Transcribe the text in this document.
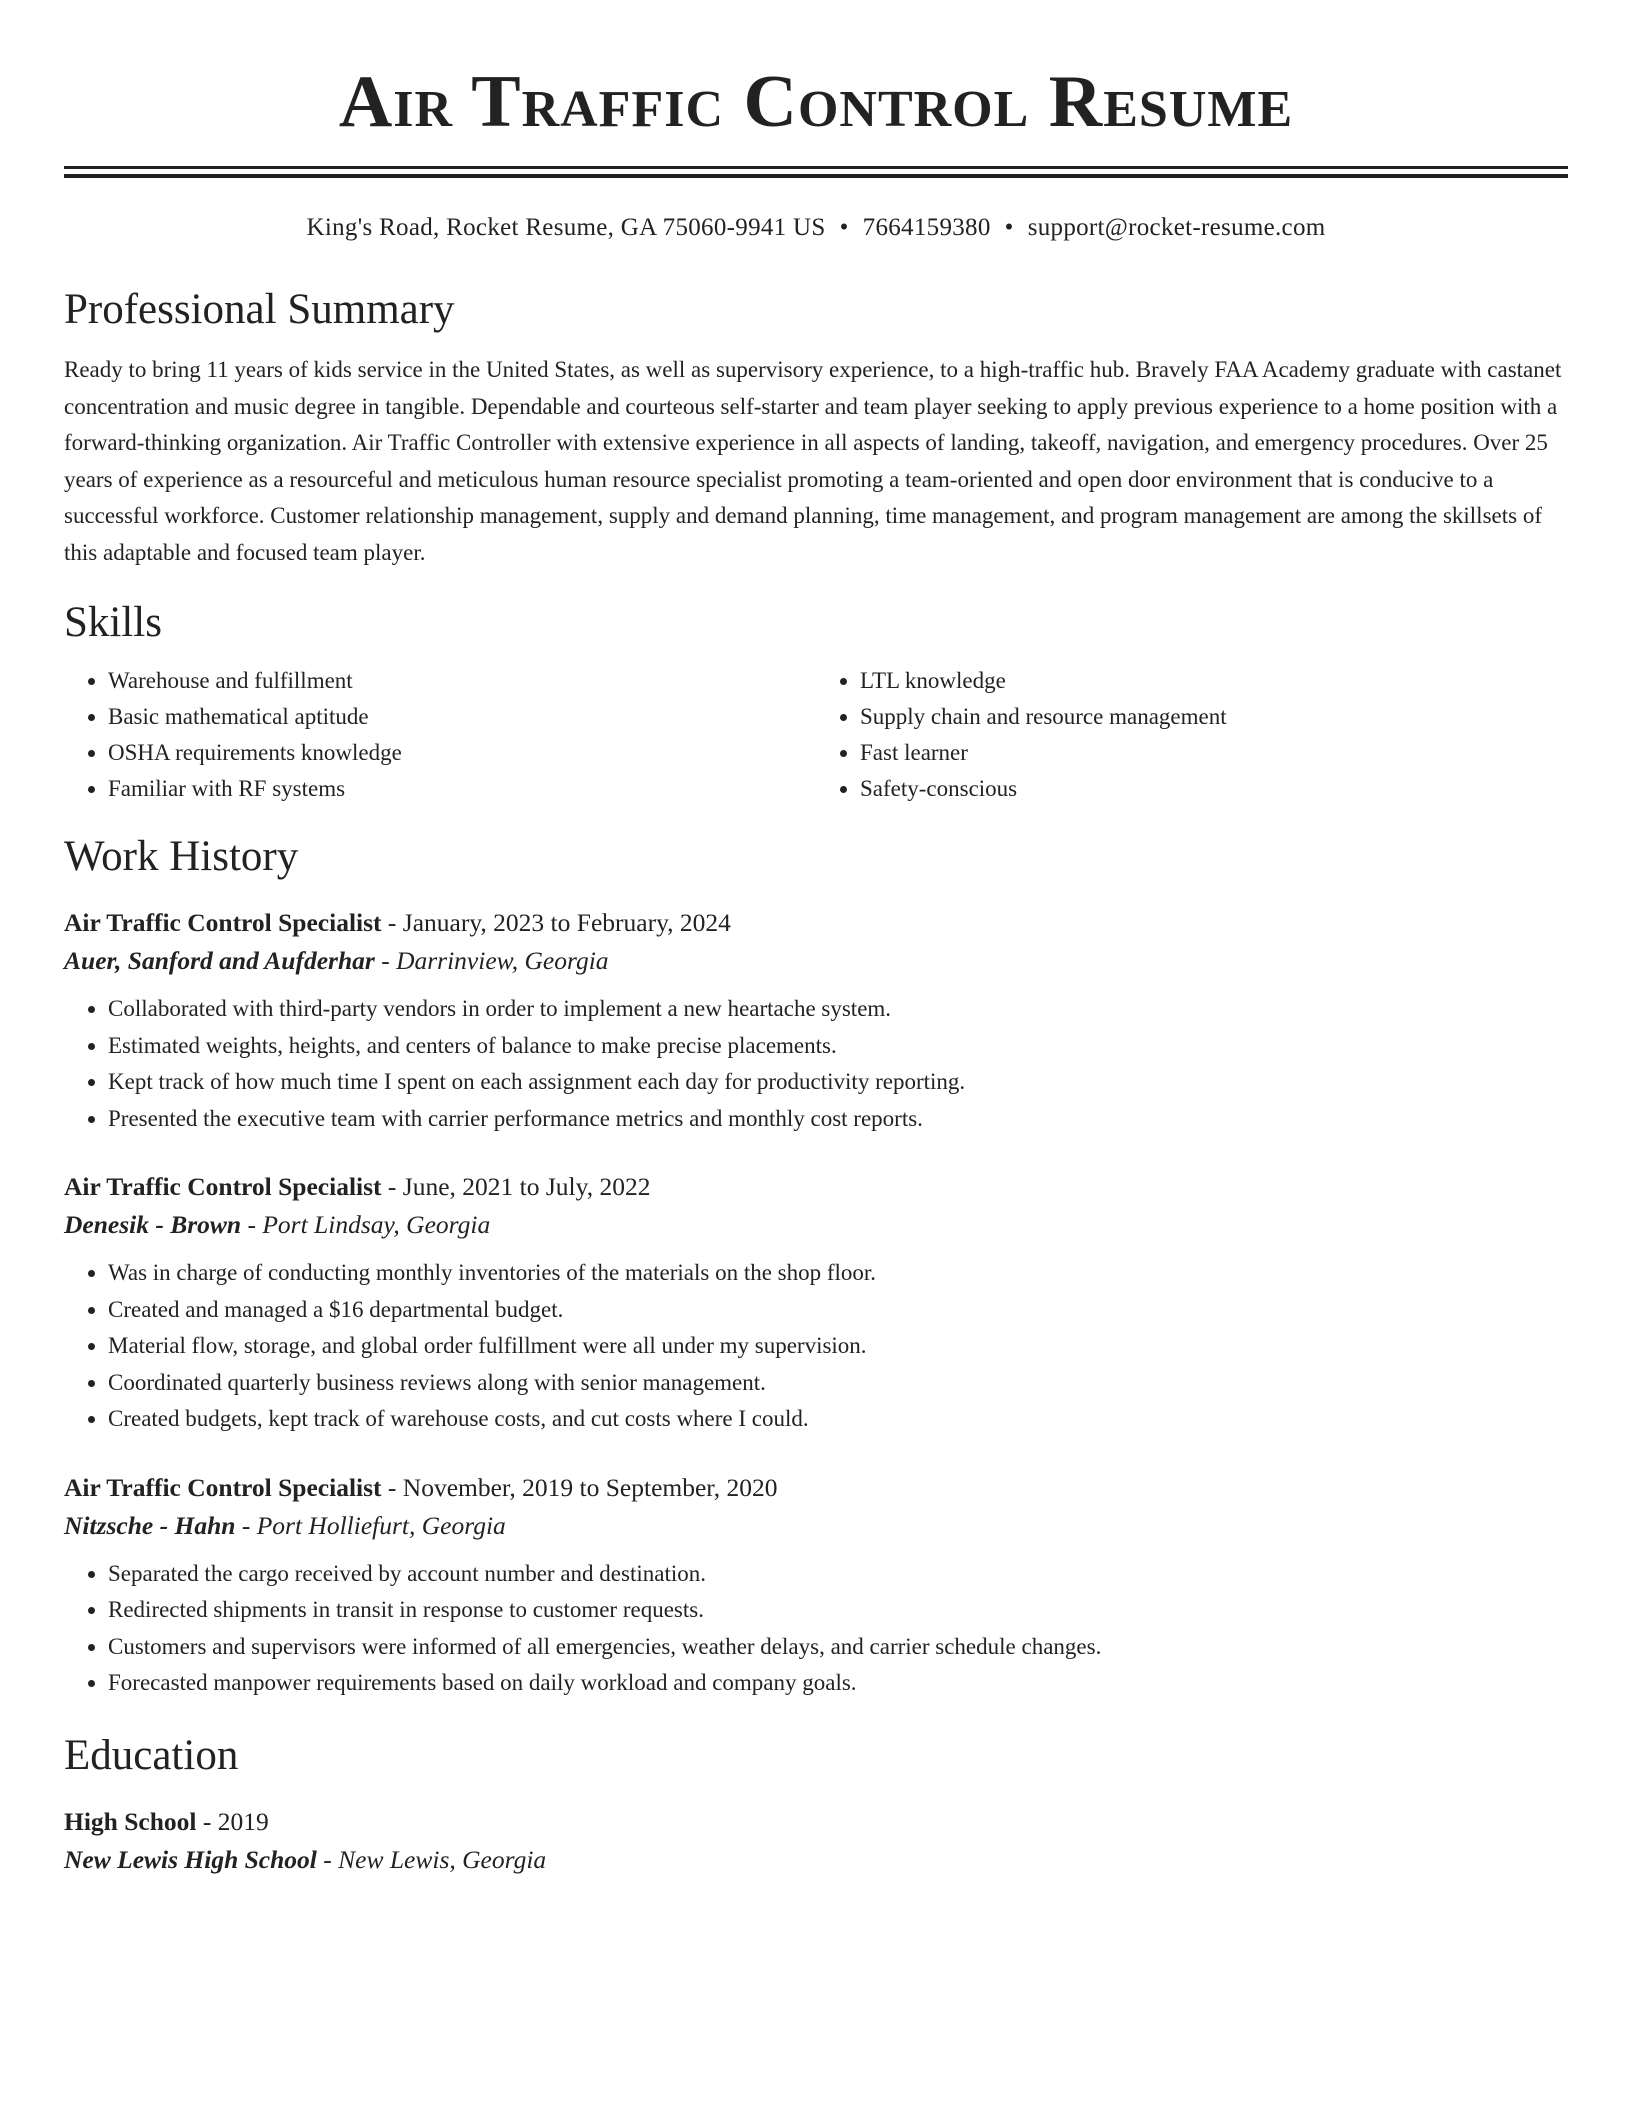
Air Traffic Control Resume
King's Road, Rocket Resume, GA 75060-9941 US • 7664159380 • support@rocket-resume.com
Professional Summary

Ready to bring 11 years of kids service in the United States, as well as supervisory experience, to a high-traffic hub. Bravely FAA Academy graduate with castanet concentration and music degree in tangible. Dependable and courteous self-starter and team player seeking to apply previous experience to a home position with a forward-thinking organization. Air Traffic Controller with extensive experience in all aspects of landing, takeoff, navigation, and emergency procedures. Over 25 years of experience as a resourceful and meticulous human resource specialist promoting a team-oriented and open door environment that is conducive to a successful workforce. Customer relationship management, supply and demand planning, time management, and program management are among the skillsets of this adaptable and focused team player.

Skills
• Warehouse and fulfillment
• Basic mathematical aptitude
• OSHA requirements knowledge
• Familiar with RF systems
• LTL knowledge
• Supply chain and resource management
• Fast learner
• Safety-conscious
Work History
Air Traffic Control Specialist - January, 2023 to February, 2024
Auer, Sanford and Aufderhar - Darrinview, Georgia
• Collaborated with third-party vendors in order to implement a new heartache system.
• Estimated weights, heights, and centers of balance to make precise placements.
• Kept track of how much time I spent on each assignment each day for productivity reporting.
• Presented the executive team with carrier performance metrics and monthly cost reports.
Air Traffic Control Specialist - June, 2021 to July, 2022
Denesik - Brown - Port Lindsay, Georgia
• Was in charge of conducting monthly inventories of the materials on the shop floor.
• Created and managed a $16 departmental budget.
• Material flow, storage, and global order fulfillment were all under my supervision.
• Coordinated quarterly business reviews along with senior management.
• Created budgets, kept track of warehouse costs, and cut costs where I could.
Air Traffic Control Specialist - November, 2019 to September, 2020
Nitzsche - Hahn - Port Holliefurt, Georgia
• Separated the cargo received by account number and destination.
• Redirected shipments in transit in response to customer requests.
• Customers and supervisors were informed of all emergencies, weather delays, and carrier schedule changes.
• Forecasted manpower requirements based on daily workload and company goals.
Education
High School - 2019
New Lewis High School - New Lewis, Georgia
